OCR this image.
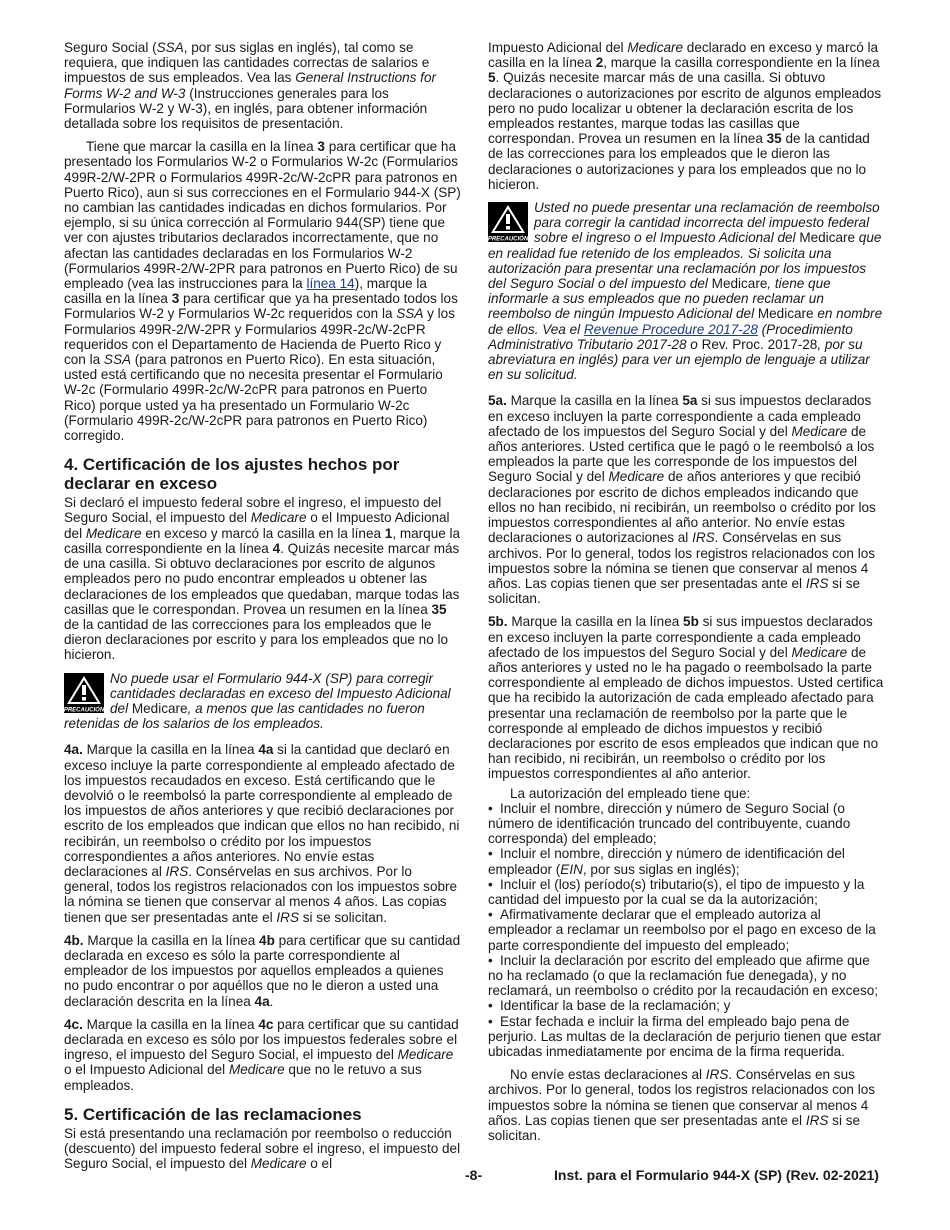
Seguro Social (SSA, por sus siglas en inglés), tal como se requiera, que indiquen las cantidades correctas de salarios e impuestos de sus empleados. Vea las General Instructions for Forms W-2 and W-3 (Instrucciones generales para los Formularios W-2 y W-3), en inglés, para obtener información detallada sobre los requisitos de presentación.

Tiene que marcar la casilla en la línea 3 para certificar que ha presentado los Formularios W-2 o Formularios W-2c (Formularios 499R-2/W-2PR o Formularios 499R-2c/W-2cPR para patronos en Puerto Rico), aun si sus correcciones en el Formulario 944-X (SP) no cambian las cantidades indicadas en dichos formularios. Por ejemplo, si su única corrección al Formulario 944(SP) tiene que ver con ajustes tributarios declarados incorrectamente, que no afectan las cantidades declaradas en los Formularios W-2 (Formularios 499R-2/W-2PR para patronos en Puerto Rico) de su empleado (vea las instrucciones para la línea 14), marque la casilla en la línea 3 para certificar que ya ha presentado todos los Formularios W-2 y Formularios W-2c requeridos con la SSA y los Formularios 499R-2/W-2PR y Formularios 499R-2c/W-2cPR requeridos con el Departamento de Hacienda de Puerto Rico y con la SSA (para patronos en Puerto Rico). En esta situación, usted está certificando que no necesita presentar el Formulario W-2c (Formulario 499R-2c/W-2cPR para patronos en Puerto Rico) porque usted ya ha presentado un Formulario W-2c (Formulario 499R-2c/W-2cPR para patronos en Puerto Rico) corregido.

4. Certificación de los ajustes hechos por declarar en exceso

Si declaró el impuesto federal sobre el ingreso, el impuesto del Seguro Social, el impuesto del Medicare o el Impuesto Adicional del Medicare en exceso y marcó la casilla en la línea 1, marque la casilla correspondiente en la línea 4. Quizás necesite marcar más de una casilla. Si obtuvo declaraciones por escrito de algunos empleados pero no pudo encontrar empleados u obtener las declaraciones de los empleados que quedaban, marque todas las casillas que le correspondan. Provea un resumen en la línea 35 de la cantidad de las correcciones para los empleados que le dieron declaraciones por escrito y para los empleados que no lo hicieron.

PRECAUCIÓN
No puede usar el Formulario 944-X (SP) para corregir cantidades declaradas en exceso del Impuesto Adicional del Medicare, a menos que las cantidades no fueron retenidas de los salarios de los empleados.

4a. Marque la casilla en la línea 4a si la cantidad que declaró en exceso incluye la parte correspondiente al empleado afectado de los impuestos recaudados en exceso. Está certificando que le devolvió o le reembolsó la parte correspondiente al empleado de los impuestos de años anteriores y que recibió declaraciones por escrito de los empleados que indican que ellos no han recibido, ni recibirán, un reembolso o crédito por los impuestos correspondientes a años anteriores. No envíe estas declaraciones al IRS. Consérvelas en sus archivos. Por lo general, todos los registros relacionados con los impuestos sobre la nómina se tienen que conservar al menos 4 años. Las copias tienen que ser presentadas ante el IRS si se solicitan.

4b. Marque la casilla en la línea 4b para certificar que su cantidad declarada en exceso es sólo la parte correspondiente al empleador de los impuestos por aquellos empleados a quienes no pudo encontrar o por aquéllos que no le dieron a usted una declaración descrita en la línea 4a.

4c. Marque la casilla en la línea 4c para certificar que su cantidad declarada en exceso es sólo por los impuestos federales sobre el ingreso, el impuesto del Seguro Social, el impuesto del Medicare o el Impuesto Adicional del Medicare que no le retuvo a sus empleados.

5. Certificación de las reclamaciones

Si está presentando una reclamación por reembolso o reducción (descuento) del impuesto federal sobre el ingreso, el impuesto del Seguro Social, el impuesto del Medicare o el

Impuesto Adicional del Medicare declarado en exceso y marcó la casilla en la línea 2, marque la casilla correspondiente en la línea 5. Quizás necesite marcar más de una casilla. Si obtuvo declaraciones o autorizaciones por escrito de algunos empleados pero no pudo localizar u obtener la declaración escrita de los empleados restantes, marque todas las casillas que correspondan. Provea un resumen en la línea 35 de la cantidad de las correcciones para los empleados que le dieron las declaraciones o autorizaciones y para los empleados que no lo hicieron.

PRECAUCIÓN
Usted no puede presentar una reclamación de reembolso para corregir la cantidad incorrecta del impuesto federal sobre el ingreso o el Impuesto Adicional del Medicare que en realidad fue retenido de los empleados. Si solicita una autorización para presentar una reclamación por los impuestos del Seguro Social o del impuesto del Medicare, tiene que informarle a sus empleados que no pueden reclamar un reembolso de ningún Impuesto Adicional del Medicare en nombre de ellos. Vea el Revenue Procedure 2017-28 (Procedimiento Administrativo Tributario 2017-28 o Rev. Proc. 2017-28, por su abreviatura en inglés) para ver un ejemplo de lenguaje a utilizar en su solicitud.

5a. Marque la casilla en la línea 5a si sus impuestos declarados en exceso incluyen la parte correspondiente a cada empleado afectado de los impuestos del Seguro Social y del Medicare de años anteriores. Usted certifica que le pagó o le reembolsó a los empleados la parte que les corresponde de los impuestos del Seguro Social y del Medicare de años anteriores y que recibió declaraciones por escrito de dichos empleados indicando que ellos no han recibido, ni recibirán, un reembolso o crédito por los impuestos correspondientes al año anterior. No envíe estas declaraciones o autorizaciones al IRS. Consérvelas en sus archivos. Por lo general, todos los registros relacionados con los impuestos sobre la nómina se tienen que conservar al menos 4 años. Las copias tienen que ser presentadas ante el IRS si se solicitan.

5b. Marque la casilla en la línea 5b si sus impuestos declarados en exceso incluyen la parte correspondiente a cada empleado afectado de los impuestos del Seguro Social y del Medicare de años anteriores y usted no le ha pagado o reembolsado la parte correspondiente al empleado de dichos impuestos. Usted certifica que ha recibido la autorización de cada empleado afectado para presentar una reclamación de reembolso por la parte que le corresponde al empleado de dichos impuestos y recibió declaraciones por escrito de esos empleados que indican que no han recibido, ni recibirán, un reembolso o crédito por los impuestos correspondientes al año anterior.

La autorización del empleado tiene que:
• Incluir el nombre, dirección y número de Seguro Social (o número de identificación truncado del contribuyente, cuando corresponda) del empleado;
• Incluir el nombre, dirección y número de identificación del empleador (EIN, por sus siglas en inglés);
• Incluir el (los) período(s) tributario(s), el tipo de impuesto y la cantidad del impuesto por la cual se da la autorización;
• Afirmativamente declarar que el empleado autoriza al empleador a reclamar un reembolso por el pago en exceso de la parte correspondiente del impuesto del empleado;
• Incluir la declaración por escrito del empleado que afirme que no ha reclamado (o que la reclamación fue denegada), y no reclamará, un reembolso o crédito por la recaudación en exceso;
• Identificar la base de la reclamación; y
• Estar fechada e incluir la firma del empleado bajo pena de perjurio. Las multas de la declaración de perjurio tienen que estar ubicadas inmediatamente por encima de la firma requerida.

No envíe estas declaraciones al IRS. Consérvelas en sus archivos. Por lo general, todos los registros relacionados con los impuestos sobre la nómina se tienen que conservar al menos 4 años. Las copias tienen que ser presentadas ante el IRS si se solicitan.

-8-	Inst. para el Formulario 944-X (SP) (Rev. 02-2021)
